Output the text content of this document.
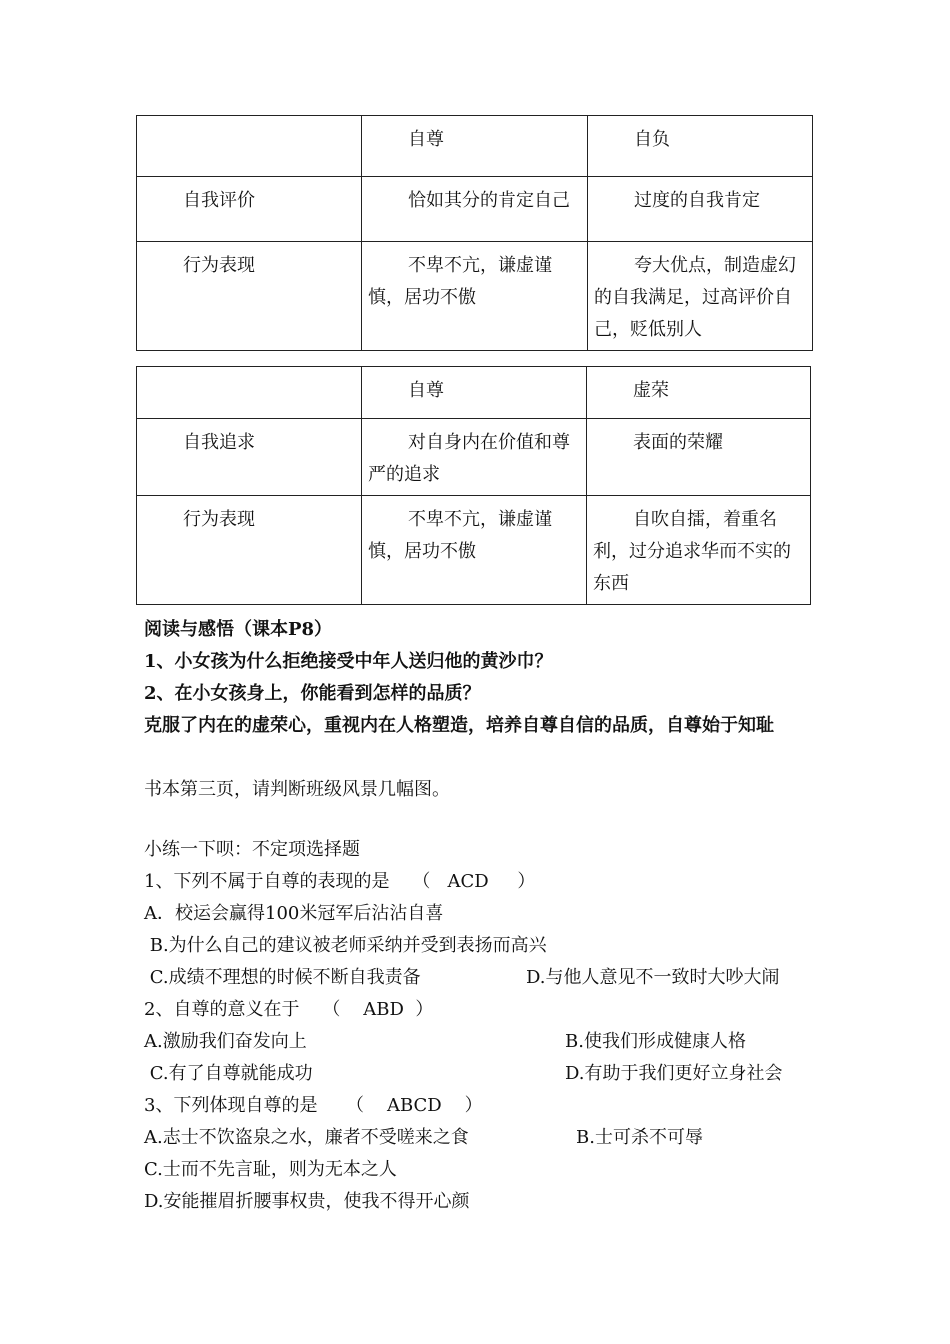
	自尊	自负
自我评价	恰如其分的肯定自己	过度的自我肯定
行为表现	不卑不亢，谦虚谨慎，居功不傲	夸大优点，制造虚幻的自我满足，过高评价自己，贬低别人
	自尊	虚荣
自我追求	对自身内在价值和尊严的追求	表面的荣耀
行为表现	不卑不亢，谦虚谨慎，居功不傲	自吹自擂，着重名利，过分追求华而不实的东西

阅读与感悟（课本P8）

1、小女孩为什么拒绝接受中年人送归他的黄沙巾？

2、在小女孩身上，你能看到怎样的品质？

克服了内在的虚荣心，重视内在人格塑造，培养自尊自信的品质，自尊始于知耻

书本第三页，请判断班级风景几幅图。

小练一下呗：不定项选择题

1、下列不属于自尊的表现的是    （   ACD     ）

A．校运会赢得100米冠军后沾沾自喜

B.为什么自己的建议被老师采纳并受到表扬而高兴

C.成绩不理想的时候不断自我责备	D.与他人意见不一致时大吵大闹

2、自尊的意义在于    （    ABD  ）

A.激励我们奋发向上	B.使我们形成健康人格

C.有了自尊就能成功	D.有助于我们更好立身社会

3、下列体现自尊的是     （    ABCD    ）

A.志士不饮盗泉之水，廉者不受嗟来之食	B.士可杀不可辱

C.士而不先言耻，则为无本之人

D.安能摧眉折腰事权贵，使我不得开心颜
